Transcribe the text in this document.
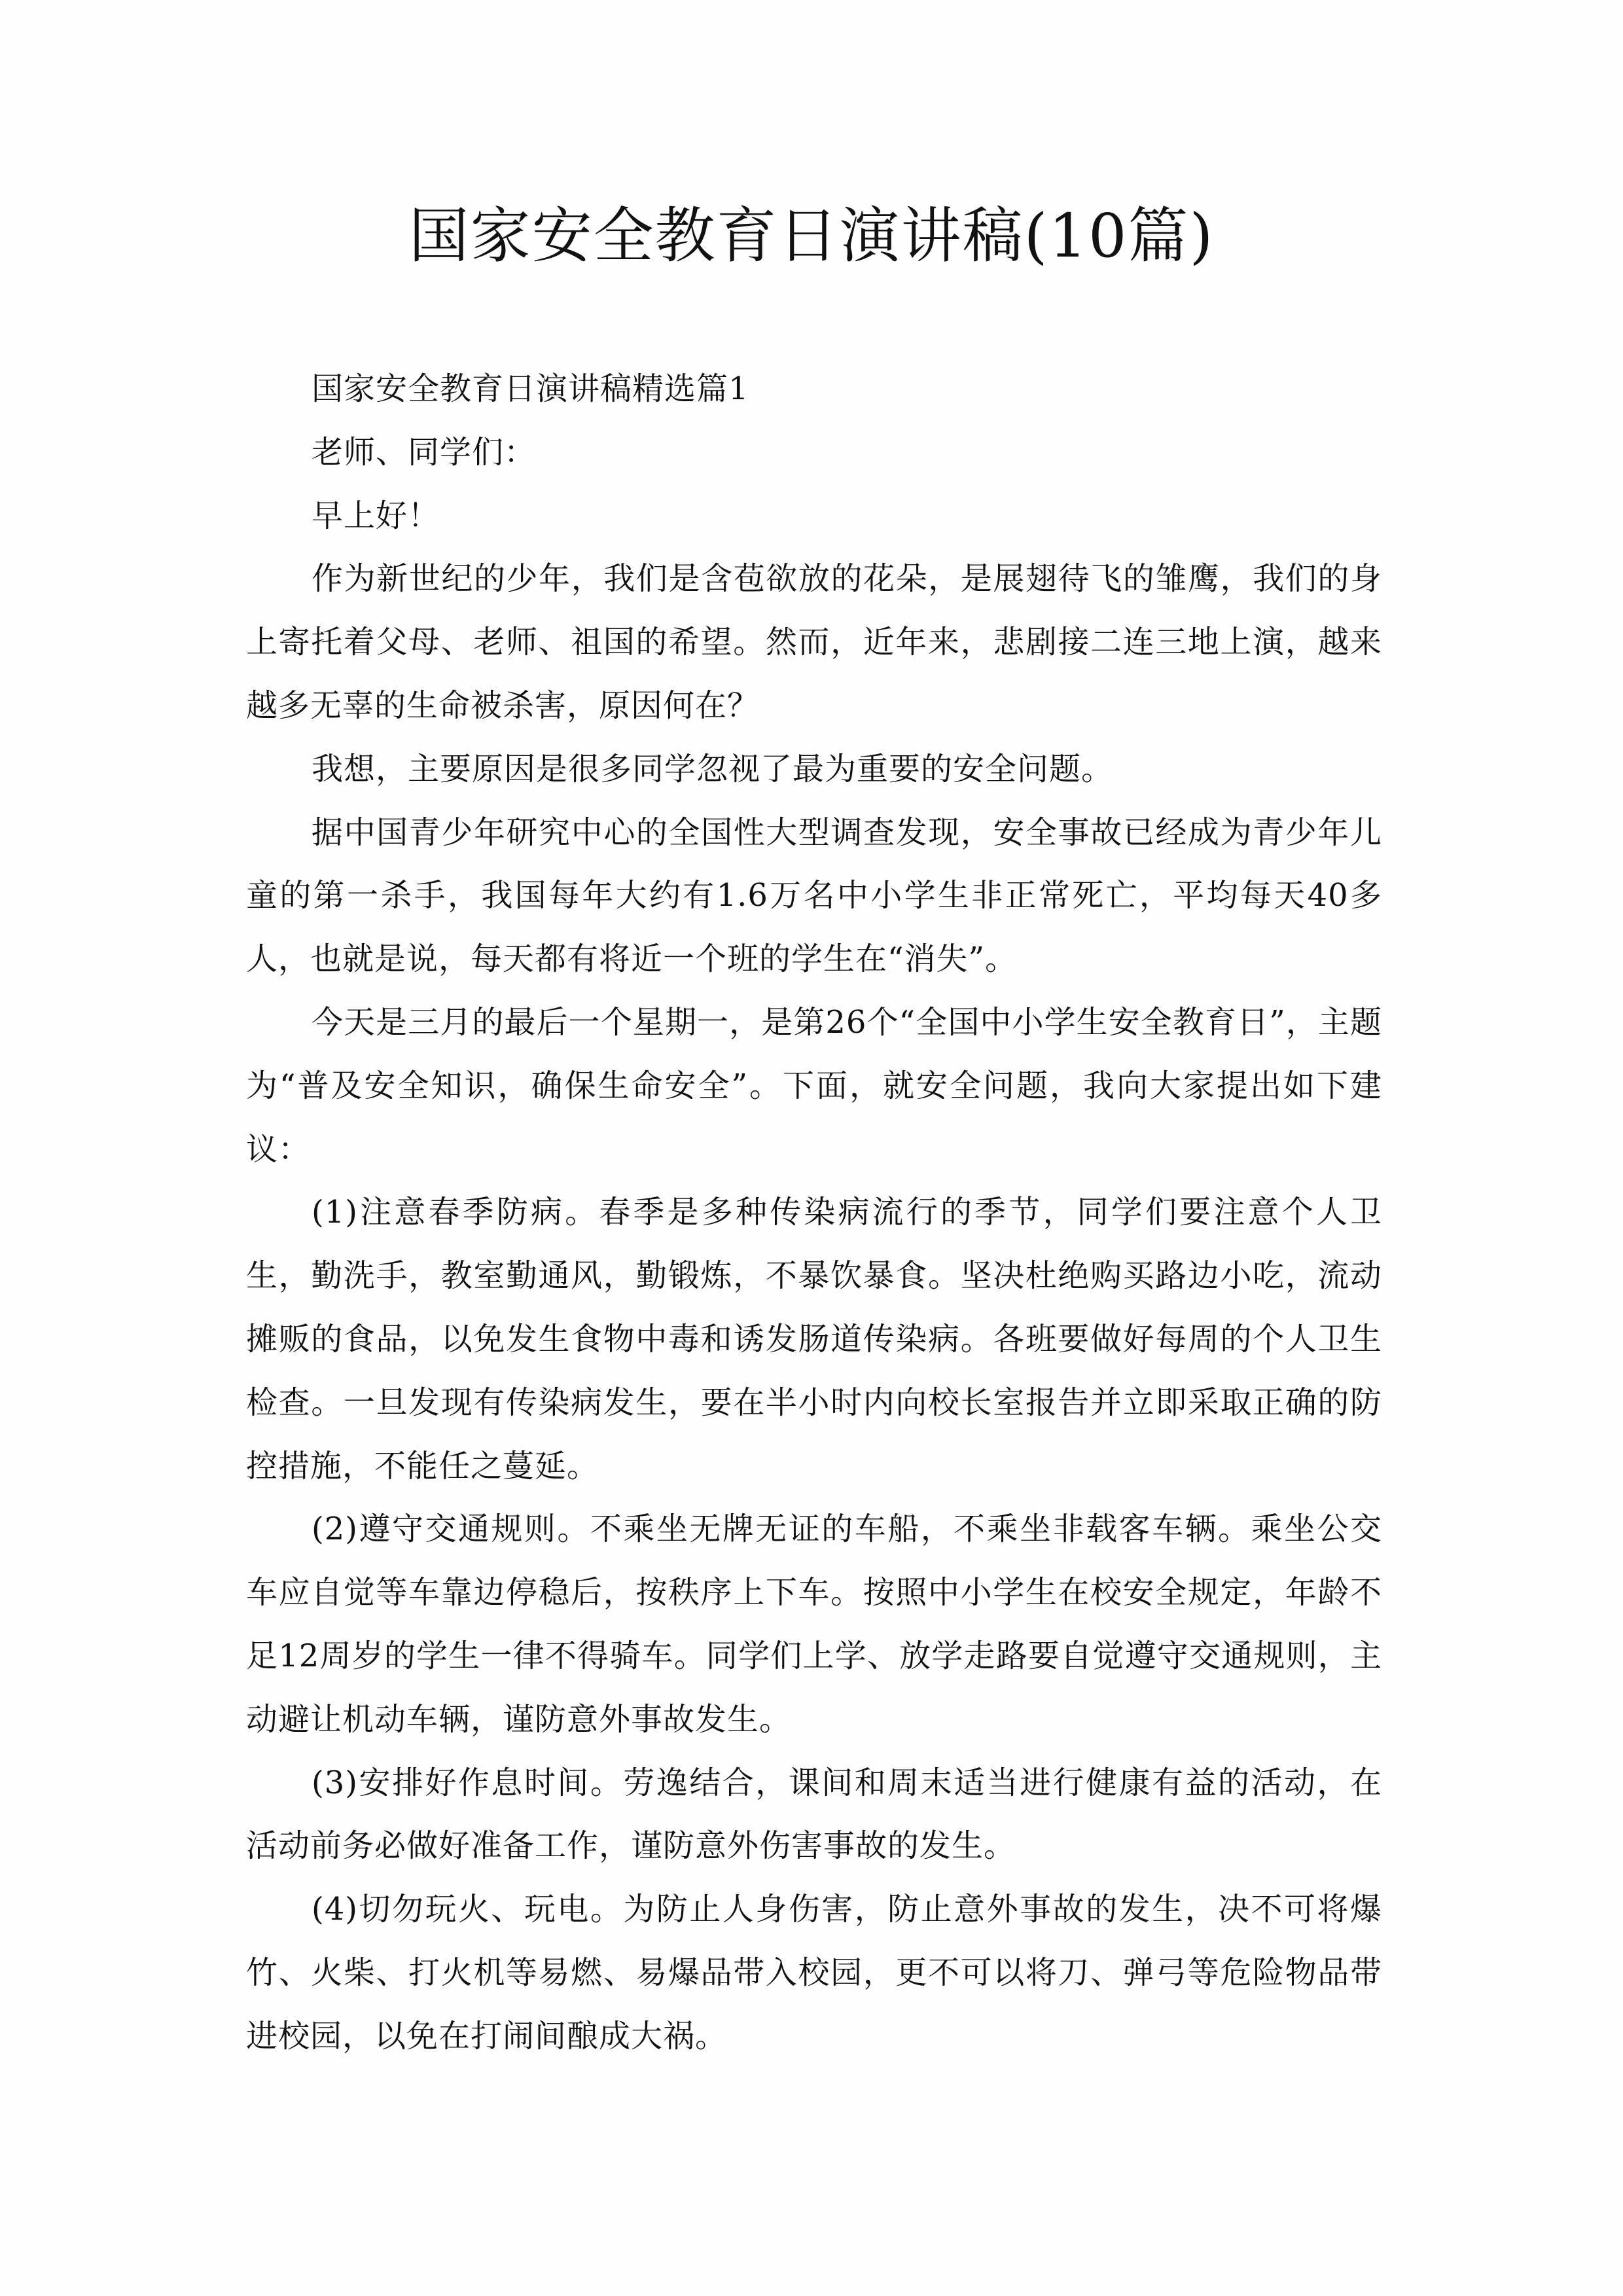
国家安全教育日演讲稿(10篇)

国家安全教育日演讲稿精选篇1

老师、同学们：

早上好！

作为新世纪的少年，我们是含苞欲放的花朵，是展翅待飞的雏鹰，我们的身上寄托着父母、老师、祖国的希望。然而，近年来，悲剧接二连三地上演，越来越多无辜的生命被杀害，原因何在？

我想，主要原因是很多同学忽视了最为重要的安全问题。

据中国青少年研究中心的全国性大型调查发现，安全事故已经成为青少年儿童的第一杀手，我国每年大约有1.6万名中小学生非正常死亡，平均每天40多人，也就是说，每天都有将近一个班的学生在“消失”。

今天是三月的最后一个星期一，是第26个“全国中小学生安全教育日”，主题为“普及安全知识，确保生命安全”。下面，就安全问题，我向大家提出如下建议：

(1)注意春季防病。春季是多种传染病流行的季节，同学们要注意个人卫生，勤洗手，教室勤通风，勤锻炼，不暴饮暴食。坚决杜绝购买路边小吃，流动摊贩的食品，以免发生食物中毒和诱发肠道传染病。各班要做好每周的个人卫生检查。一旦发现有传染病发生，要在半小时内向校长室报告并立即采取正确的防控措施，不能任之蔓延。

(2)遵守交通规则。不乘坐无牌无证的车船，不乘坐非载客车辆。乘坐公交车应自觉等车靠边停稳后，按秩序上下车。按照中小学生在校安全规定，年龄不足12周岁的学生一律不得骑车。同学们上学、放学走路要自觉遵守交通规则，主动避让机动车辆，谨防意外事故发生。

(3)安排好作息时间。劳逸结合，课间和周末适当进行健康有益的活动，在活动前务必做好准备工作，谨防意外伤害事故的发生。

(4)切勿玩火、玩电。为防止人身伤害，防止意外事故的发生，决不可将爆竹、火柴、打火机等易燃、易爆品带入校园，更不可以将刀、弹弓等危险物品带进校园，以免在打闹间酿成大祸。
